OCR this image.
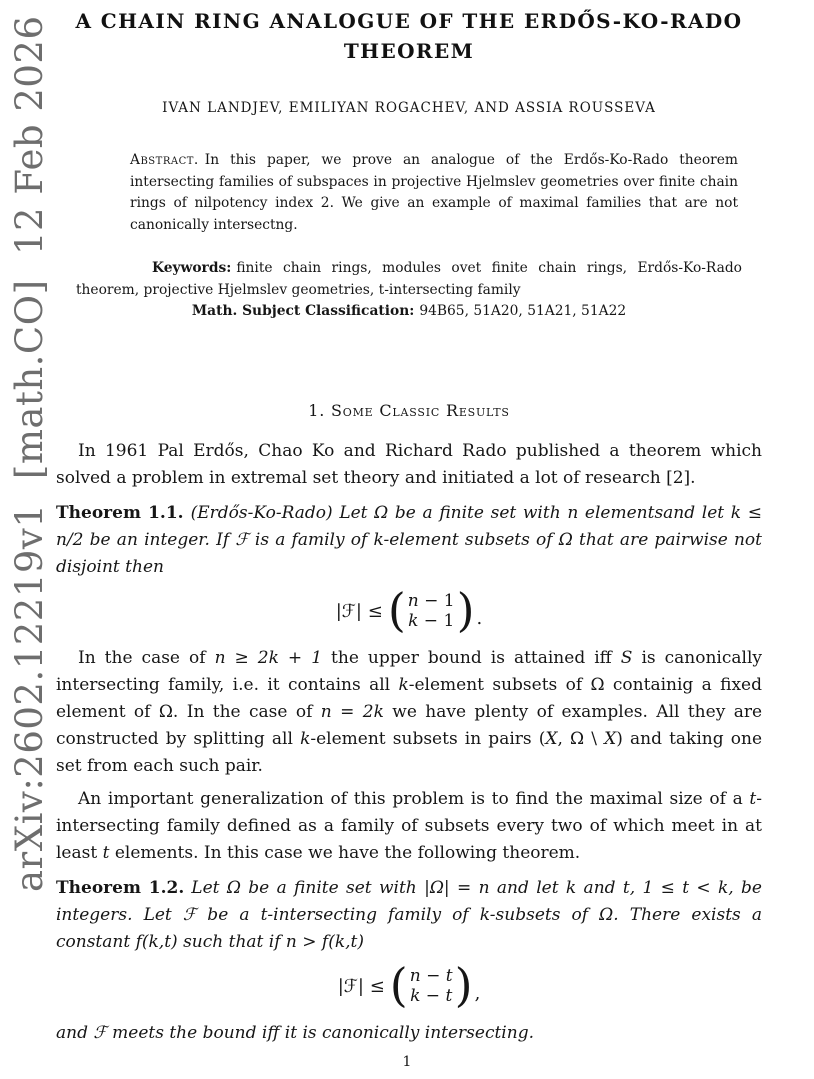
arXiv:2602.12219v1  [math.CO]  12 Feb 2026	A CHAIN RING ANALOGUE OF THE ERDŐS-KO-RADO THEOREM
IVAN LANDJEV, EMILIYAN ROGACHEV, AND ASSIA ROUSSEVA
Abstract. In this paper, we prove an analogue of the Erdős-Ko-Rado theorem intersecting families of subspaces in projective Hjelmslev geometries over finite chain rings of nilpotency index 2. We give an example of maximal families that are not canonically intersectng.

Keywords: finite chain rings, modules ovet finite chain rings, Erdős-Ko-Rado theorem, projective Hjelmslev geometries, t-intersecting family

Math. Subject Classification: 94B65, 51A20, 51A21, 51A22

1. Some Classic Results

In 1961 Pal Erdős, Chao Ko and Richard Rado published a theorem which solved a problem in extremal set theory and initiated a lot of research [2].

Theorem 1.1. (Erdős-Ko-Rado) Let Ω be a finite set with n elementsand let k ≤ n/2 be an integer. If ℱ is a family of k-element subsets of Ω that are pairwise not disjoint then

|ℱ| ≤ ( n − 1
k − 1 ) .

In the case of n ≥ 2k + 1 the upper bound is attained iff S is canonically intersecting family, i.e. it contains all k-element subsets of Ω containig a fixed element of Ω. In the case of n = 2k we have plenty of examples. All they are constructed by splitting all k-element subsets in pairs (X, Ω \ X) and taking one set from each such pair.

An important generalization of this problem is to find the maximal size of a t-intersecting family defined as a family of subsets every two of which meet in at least t elements. In this case we have the following theorem.

Theorem 1.2. Let Ω be a finite set with |Ω| = n and let k and t, 1 ≤ t < k, be integers. Let ℱ be a t-intersecting family of k-subsets of Ω. There exists a constant f(k,t) such that if n > f(k,t)

|ℱ| ≤ ( n − t
k − t ) ,

and ℱ meets the bound iff it is canonically intersecting.

1
